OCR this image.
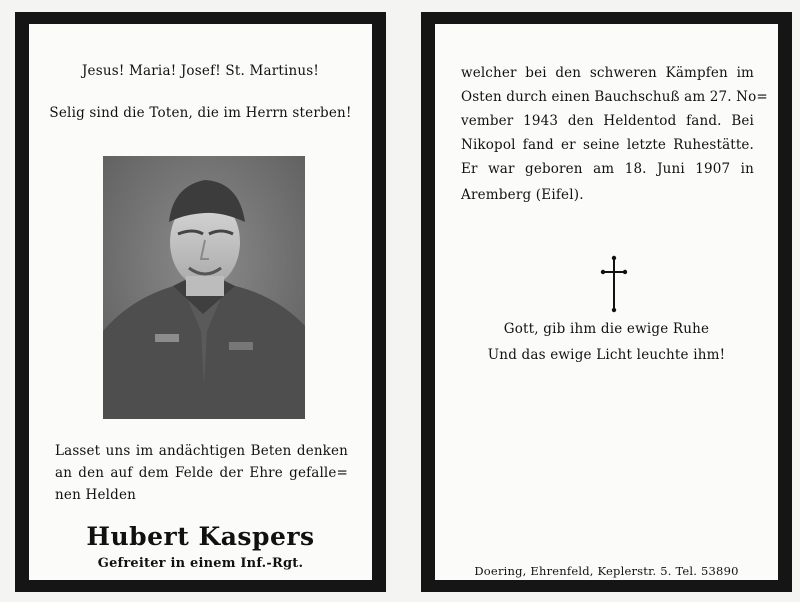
Jesus! Maria! Josef! St. Martinus!
Selig sind die Toten, die im Herrn sterben!
Lasset uns im andächtigen Beten denken
an den auf dem Felde der Ehre gefalle=
nen Helden
Hubert Kaspers
Gefreiter in einem Inf.-Rgt.
welcher bei den schweren Kämpfen im
Osten durch einen Bauchschuß am 27. No=
vember 1943 den Heldentod fand. Bei
Nikopol fand er seine letzte Ruhestätte.
Er war geboren am 18. Juni 1907 in
Aremberg (Eifel).
Gott, gib ihm die ewige Ruhe
Und das ewige Licht leuchte ihm!
Doering, Ehrenfeld, Keplerstr. 5. Tel. 53890
